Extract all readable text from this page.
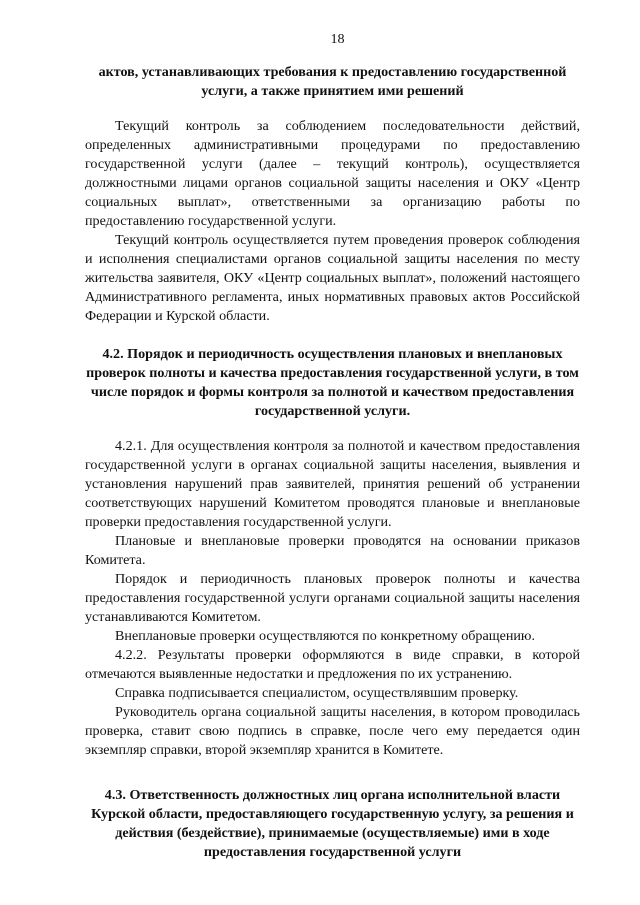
18

актов, устанавливающих требования к предоставлению государственной услуги, а также принятием ими решений

Текущий контроль за соблюдением последовательности действий, определенных административными процедурами по предоставлению государственной услуги (далее – текущий контроль), осуществляется должностными лицами органов социальной защиты населения и ОКУ «Центр социальных выплат», ответственными за организацию работы по предоставлению государственной услуги.

Текущий контроль осуществляется путем проведения проверок соблюдения и исполнения специалистами органов социальной защиты населения по месту жительства заявителя, ОКУ «Центр социальных выплат», положений настоящего Административного регламента, иных нормативных правовых актов Российской Федерации и Курской области.

4.2. Порядок и периодичность осуществления плановых и внеплановых проверок полноты и качества предоставления государственной услуги, в том числе порядок и формы контроля за полнотой и качеством предоставления государственной услуги.

4.2.1. Для осуществления контроля за полнотой и качеством предоставления государственной услуги в органах социальной защиты населения, выявления и установления нарушений прав заявителей, принятия решений об устранении соответствующих нарушений Комитетом проводятся плановые и внеплановые проверки предоставления государственной услуги.

Плановые и внеплановые проверки проводятся на основании приказов Комитета.

Порядок и периодичность плановых проверок полноты и качества предоставления государственной услуги органами социальной защиты населения устанавливаются Комитетом.

Внеплановые проверки осуществляются по конкретному обращению.

4.2.2. Результаты проверки оформляются в виде справки, в которой отмечаются выявленные недостатки и предложения по их устранению.

Справка подписывается специалистом, осуществлявшим проверку.

Руководитель органа социальной защиты населения, в котором проводилась проверка, ставит свою подпись в справке, после чего ему передается один экземпляр справки, второй экземпляр хранится в Комитете.

4.3. Ответственность должностных лиц органа исполнительной власти Курской области, предоставляющего государственную услугу, за решения и действия (бездействие), принимаемые (осуществляемые) ими в ходе предоставления государственной услуги
